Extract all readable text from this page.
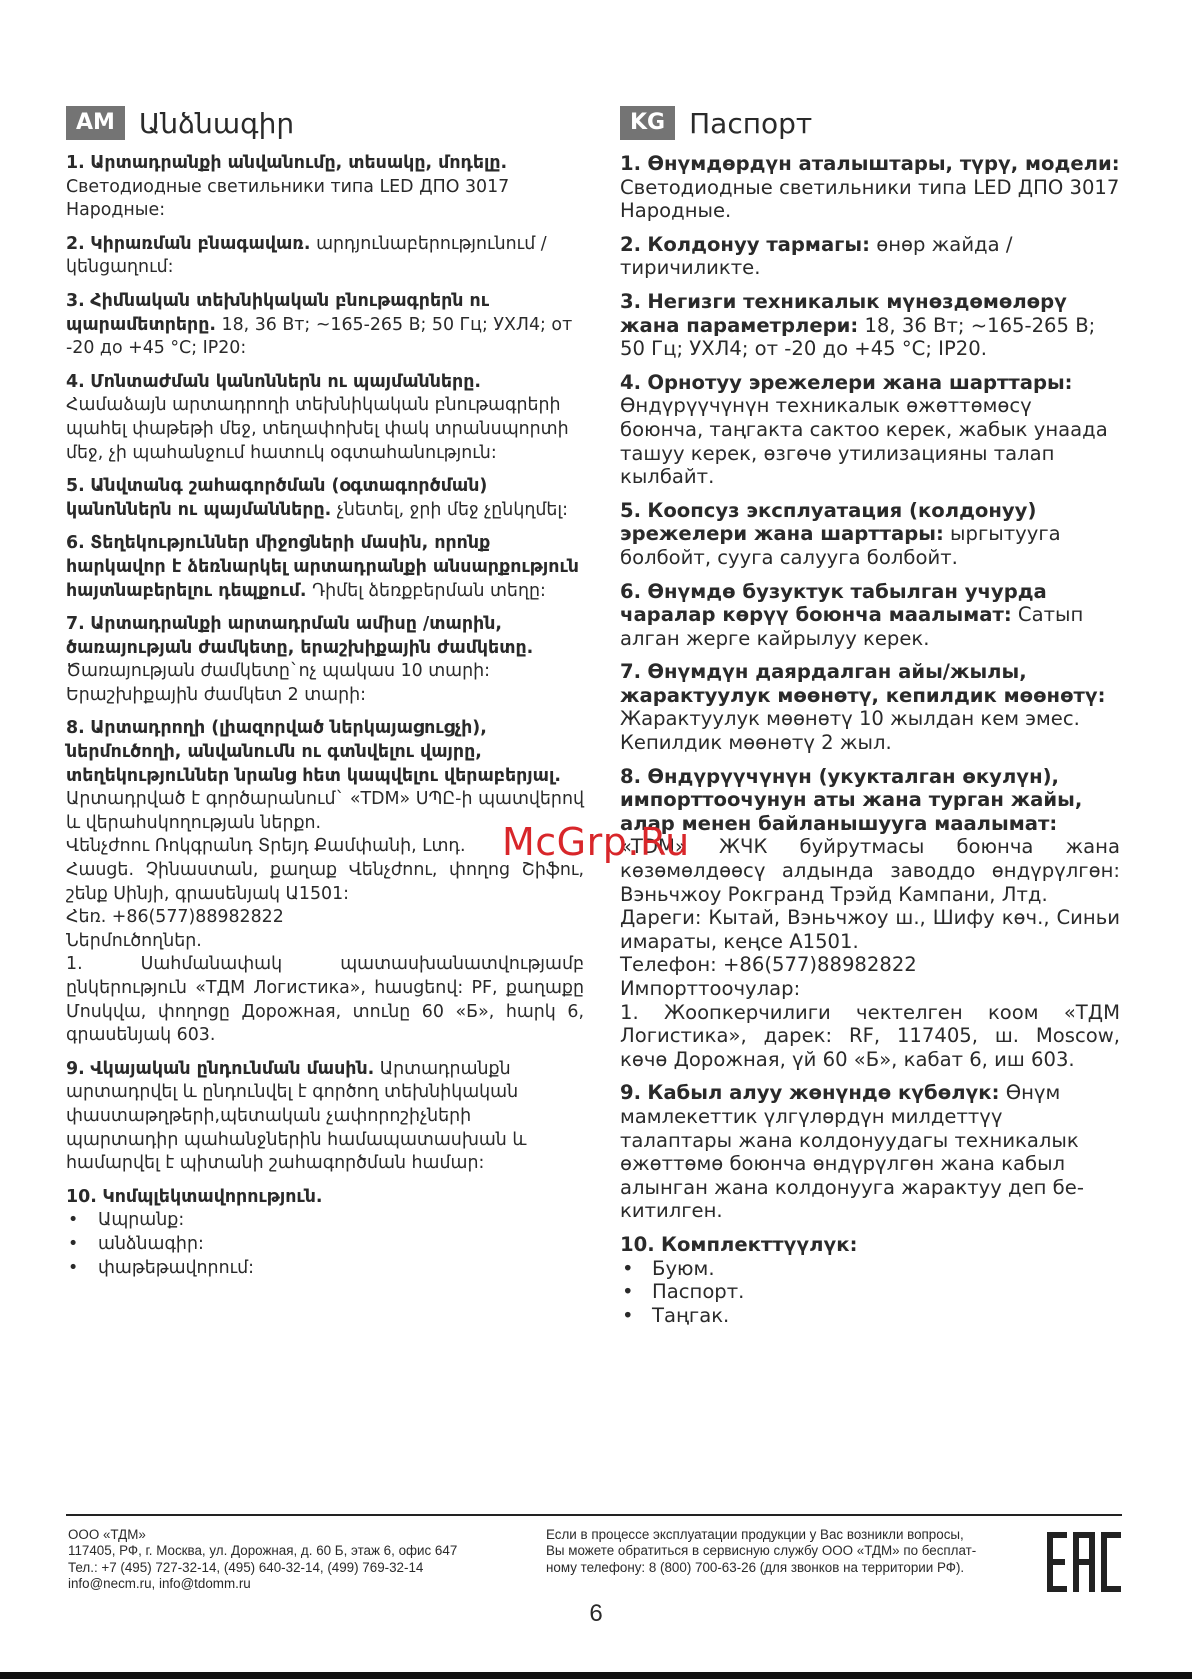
AM Անձնագիր
1. Արտադրանքի անվանումը, տեսակը, մոդելը. Светодиодные светильники типа LED ДПО 3017 Народные:
2. Կիրառման բնագավառ. արդյունաբերությունում / կենցաղում:
3. Հիմնական տեխնիկական բնութագրերն ու պարամետրերը. 18, 36 Вт; ~165-265 В; 50 Гц; УХЛ4; от -20 до +45 °С; IP20:
4. Մոնտաժման կանոններն ու պայմանները. Համաձայն արտադրողի տեխնիկական բնութագրերի պահել փաթեթի մեջ, տեղափոխել փակ տրանսպորտի մեջ, չի պահանջում հատուկ օգտահանություն:
5. Անվտանգ շահագործման (օգտագործման) կանոններն ու պայմանները. չնետել, ջրի մեջ չընկղմել:
6. Տեղեկություններ միջոցների մասին, որոնք հարկավոր է ձեռնարկել արտադրանքի անսարքություն հայտնաբերելու դեպքում. Դիմել ձեռքբերման տեղը:
7. Արտադրանքի արտադրման ամիսը /տարին, ծառայության ժամկետը, երաշխիքային ժամկետը. Ծառայության ժամկետը`ոչ պակաս 10 տարի: Երաշխիքային ժամկետ 2 տարի:
8. Արտադրողի (լիազորված ներկայացուցչի), ներմուծողի, անվանումն ու գտնվելու վայրը, տեղեկություններ նրանց հետ կապվելու վերաբերյալ.
Արտադրված է գործարանում` «TDM» ՍՊԸ-ի պատվերով և վերահսկողության ներքո.
Վենչժոու Ռոկգրանդ Տրեյդ Քամփանի, Լտդ.
Հասցե. Չինաստան, քաղաք Վենչժոու, փողոց Շիֆու, շենք Սինյի, գրասենյակ Ա1501:
Հեռ. +86(577)88982822
Ներմուծողներ.
1. Սահմանափակ պատասխանատվությամբ ընկերություն «ТДМ Логистика», հասցեով: РF, քաղաքը Մոսկվա, փողոցը Дорожная, տունը 60 «Б», հարկ 6, գրասենյակ 603.
9. Վկայական ընդունման մասին. Արտադրանքն արտադրվել և ընդունվել է գործող տեխնիկական փաստաթղթերի,պետական չափորոշիչների պարտադիր պահանջներին համապատասխան և համարվել է պիտանի շահագործման համար:
10. Կոմպլեկտավորություն.
• Ապրանք:
• անձնագիր:
• փաթեթավորում:
KG Паспорт
1. Өнүмдөрдүн аталыштары, түрү, модели: Светодиодные светильники типа LED ДПО 3017 Народные.
2. Колдонуу тармагы: өнөр жайда / тиричиликте.
3. Негизги техникалык мүнөздөмөлөрү жана параметрлери: 18, 36 Вт; ~165-265 В; 50 Гц; УХЛ4; от -20 до +45 °С; IP20.
4. Орнотуу эрежелери жана шарттары: Өндүрүүчүнүн техникалык өжөттөмөсү боюнча, таңгакта сактоо керек, жабык унаада ташуу керек, өзгөчө утилизацияны талап кылбайт.
5. Коопсуз эксплуатация (колдонуу) эрежелери жана шарттары: ыргытууга болбойт, сууга салууга болбойт.
6. Өнүмдө бузуктук табылган учурда чаралар көрүү боюнча маалымат: Сатып алган жерге кайрылуу керек.
7. Өнүмдүн даярдалган айы/жылы, жарактуулук мөөнөтү, кепилдик мөөнөтү: Жарактуулук мөөнөтү 10 жылдан кем эмес. Кепилдик мөөнөтү 2 жыл.
8. Өндүрүүчүнүн (укукталган өкулүн), импорттоочунун аты жана турган жайы, алар менен байланышууга маалымат:
«TDM» ЖЧК буйрутмасы боюнча жана көзөмөлдөөсү алдында заводдо өндүрүлгөн: Вэньчжоу Рокгранд Трэйд Кампани, Лтд.
Дареги: Кытай, Вэньчжоу ш., Шифу көч., Синьи имараты, кеңсе А1501.
Телефон: +86(577)88982822
Импорттоочулар:
1. Жоопкерчилиги чектелген коом «ТДМ Логистика», дарек: RF, 117405, ш. Moscow, көчө Дорожная, үй 60 «Б», кабат 6, иш 603.
9. Кабыл алуу жөнүндө күбөлүк: Өнүм мамлекеттик үлгүлөрдүн милдеттүү талаптары жана колдонуудагы техникалык өжөттөмө боюнча өндүрүлгөн жана кабыл алынган жана колдонууга жарактуу деп бе- китилген.
10. Комплекттүүлүк:
• Буюм.
• Паспорт.
• Таңгак.
McGrp.Ru
ООО «ТДМ»
117405, РФ, г. Москва, ул. Дорожная, д. 60 Б, этаж 6, офис 647
Тел.: +7 (495) 727-32-14, (495) 640-32-14, (499) 769-32-14
info@necm.ru, info@tdomm.ru
Если в процессе эксплуатации продукции у Вас возникли вопросы,
Вы можете обратиться в сервисную службу ООО «ТДМ» по бесплат-
ному телефону: 8 (800) 700-63-26 (для звонков на территории РФ).
6
